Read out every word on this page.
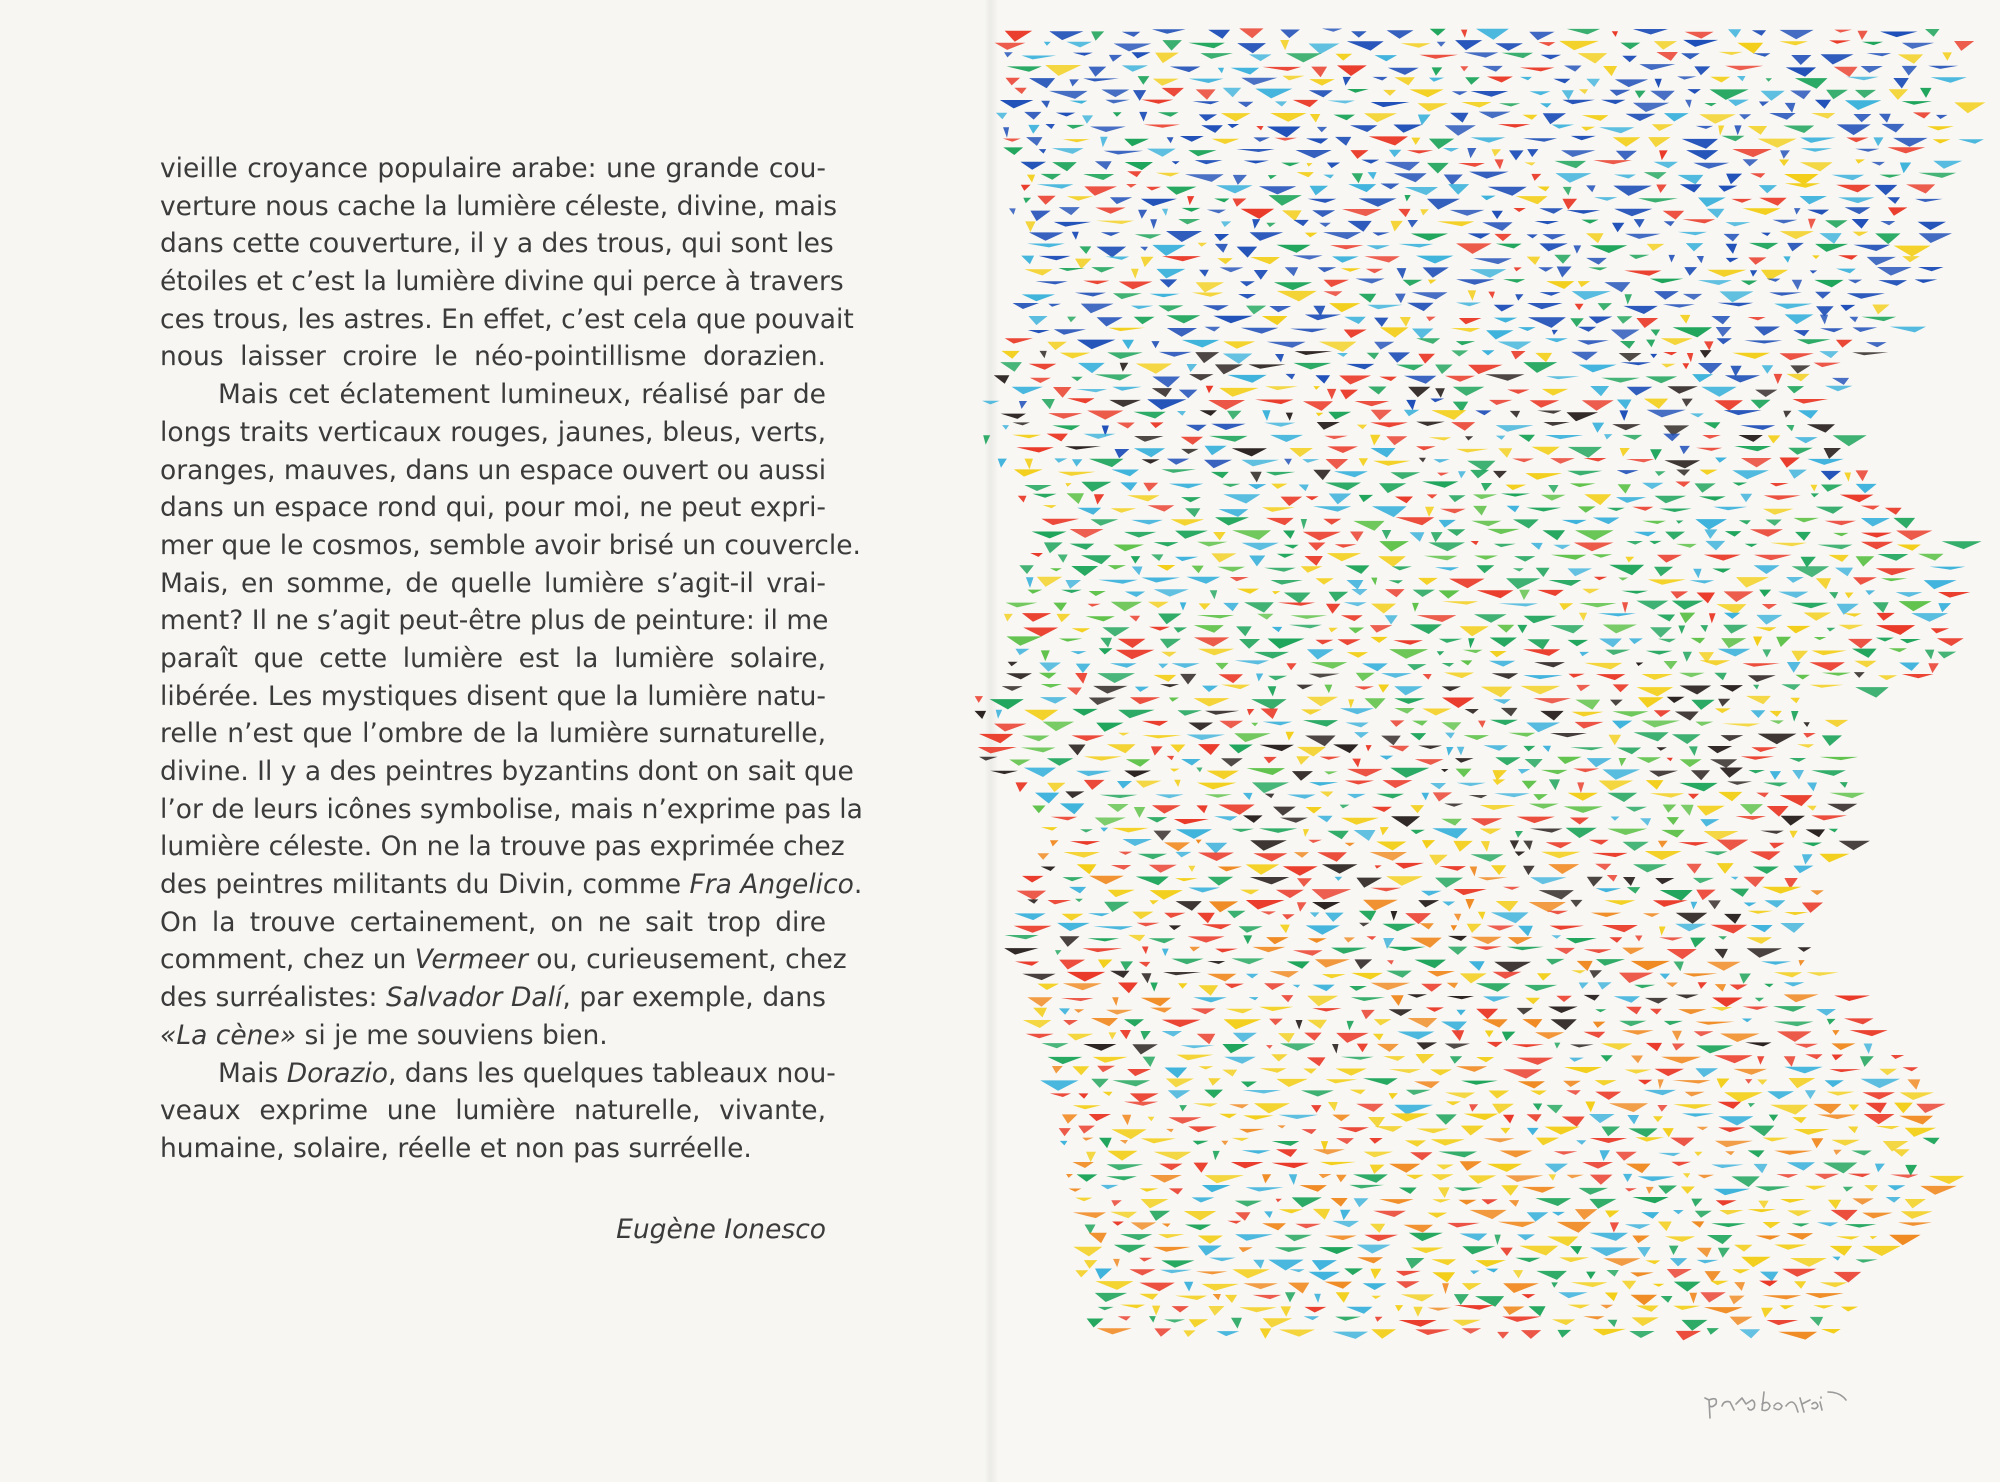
vieille croyance populaire arabe: une grande cou-
verture nous cache la lumière céleste, divine, mais
dans cette couverture, il y a des trous, qui sont les
étoiles et c’est la lumière divine qui perce à travers
ces trous, les astres. En effet, c’est cela que pouvait
nous laisser croire le néo-pointillisme dorazien.
Mais cet éclatement lumineux, réalisé par de
longs traits verticaux rouges, jaunes, bleus, verts,
oranges, mauves, dans un espace ouvert ou aussi
dans un espace rond qui, pour moi, ne peut expri-
mer que le cosmos, semble avoir brisé un couvercle.
Mais, en somme, de quelle lumière s’agit-il vrai-
ment? Il ne s’agit peut-être plus de peinture: il me
paraît que cette lumière est la lumière solaire,
libérée. Les mystiques disent que la lumière natu-
relle n’est que l’ombre de la lumière surnaturelle,
divine. Il y a des peintres byzantins dont on sait que
l’or de leurs icônes symbolise, mais n’exprime pas la
lumière céleste. On ne la trouve pas exprimée chez
des peintres militants du Divin, comme Fra Angelico.
On la trouve certainement, on ne sait trop dire
comment, chez un Vermeer ou, curieusement, chez
des surréalistes: Salvador Dalí, par exemple, dans
«La cène» si je me souviens bien.
Mais Dorazio, dans les quelques tableaux nou-
veaux exprime une lumière naturelle, vivante,
humaine, solaire, réelle et non pas surréelle.
Eugène Ionesco
